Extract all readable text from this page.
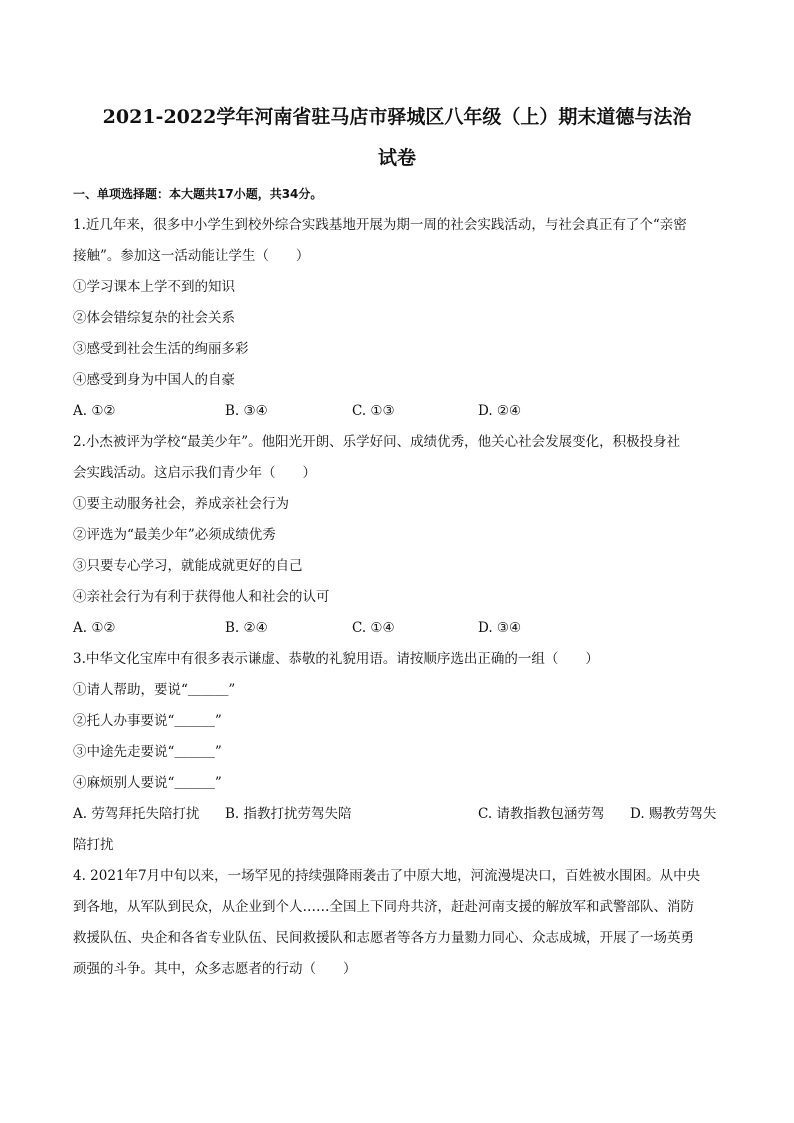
2021-2022学年河南省驻马店市驿城区八年级（上）期末道德与法治
试卷
一、单项选择题：本大题共17小题，共34分。
1.近几年来，很多中小学生到校外综合实践基地开展为期一周的社会实践活动，与社会真正有了个“亲密
接触”。参加这一活动能让学生（　　）
①学习课本上学不到的知识
②体会错综复杂的社会关系
③感受到社会生活的绚丽多彩
④感受到身为中国人的自豪
A. ①②	B. ③④	C. ①③	D. ②④
2.小杰被评为学校“最美少年”。他阳光开朗、乐学好问、成绩优秀，他关心社会发展变化，积极投身社
会实践活动。这启示我们青少年（　　）
①要主动服务社会，养成亲社会行为
②评选为“最美少年”必须成绩优秀
③只要专心学习，就能成就更好的自己
④亲社会行为有利于获得他人和社会的认可
A. ①②	B. ②④	C. ①④	D. ③④
3.中华文化宝库中有很多表示谦虚、恭敬的礼貌用语。请按顺序选出正确的一组（　　）
①请人帮助，要说“＿＿＿”
②托人办事要说“＿＿＿”
③中途先走要说“＿＿＿”
④麻烦别人要说“＿＿＿”
A. 劳驾拜托失陪打扰 B. 指教打扰劳驾失陪	C. 请教指教包涵劳驾 D. 赐教劳驾失
陪打扰
4. 2021年7月中旬以来，一场罕见的持续强降雨袭击了中原大地，河流漫堤决口，百姓被水围困。从中央
到各地，从军队到民众，从企业到个人……全国上下同舟共济，赶赴河南支援的解放军和武警部队、消防
救援队伍、央企和各省专业队伍、民间救援队和志愿者等各方力量勠力同心、众志成城，开展了一场英勇
顽强的斗争。其中，众多志愿者的行动（　　）
